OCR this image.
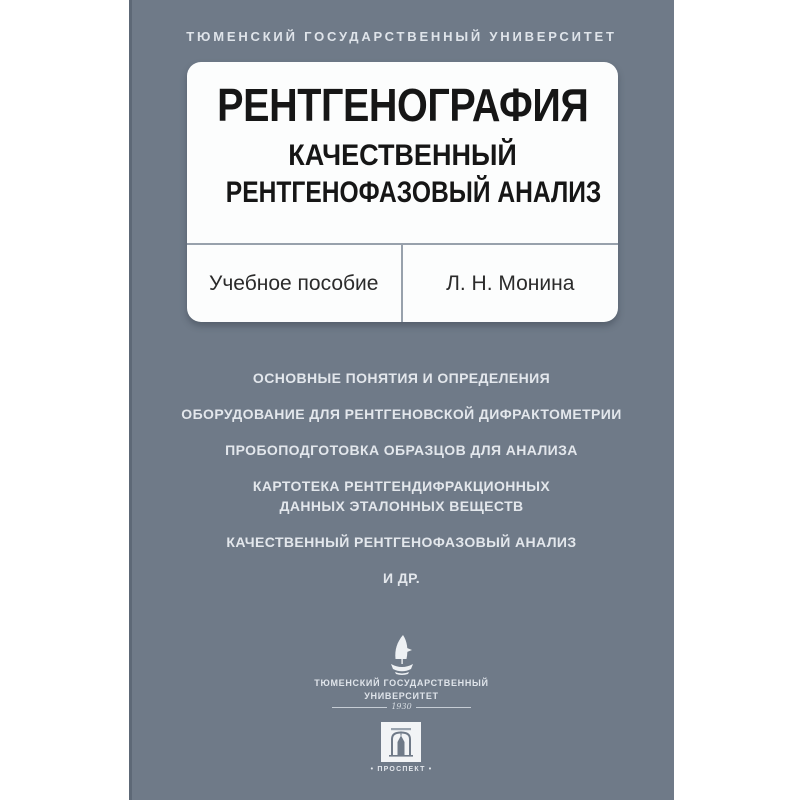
ТЮМЕНСКИЙ ГОСУДАРСТВЕННЫЙ УНИВЕРСИТЕТ
РЕНТГЕНОГРАФИЯ
КАЧЕСТВЕННЫЙ
РЕНТГЕНОФАЗОВЫЙ АНАЛИЗ
Учебное пособие	Л. Н. Монина
ОСНОВНЫЕ ПОНЯТИЯ И ОПРЕДЕЛЕНИЯ
ОБОРУДОВАНИЕ ДЛЯ РЕНТГЕНОВСКОЙ ДИФРАКТОМЕТРИИ
ПРОБОПОДГОТОВКА ОБРАЗЦОВ ДЛЯ АНАЛИЗА
КАРТОТЕКА РЕНТГЕНДИФРАКЦИОННЫХ ДАННЫХ ЭТАЛОННЫХ ВЕЩЕСТВ
КАЧЕСТВЕННЫЙ РЕНТГЕНОФАЗОВЫЙ АНАЛИЗ
И ДР.
ТЮМЕНСКИЙ ГОСУДАРСТВЕННЫЙ
УНИВЕРСИТЕТ
1930
• ПРОСПЕКТ •
